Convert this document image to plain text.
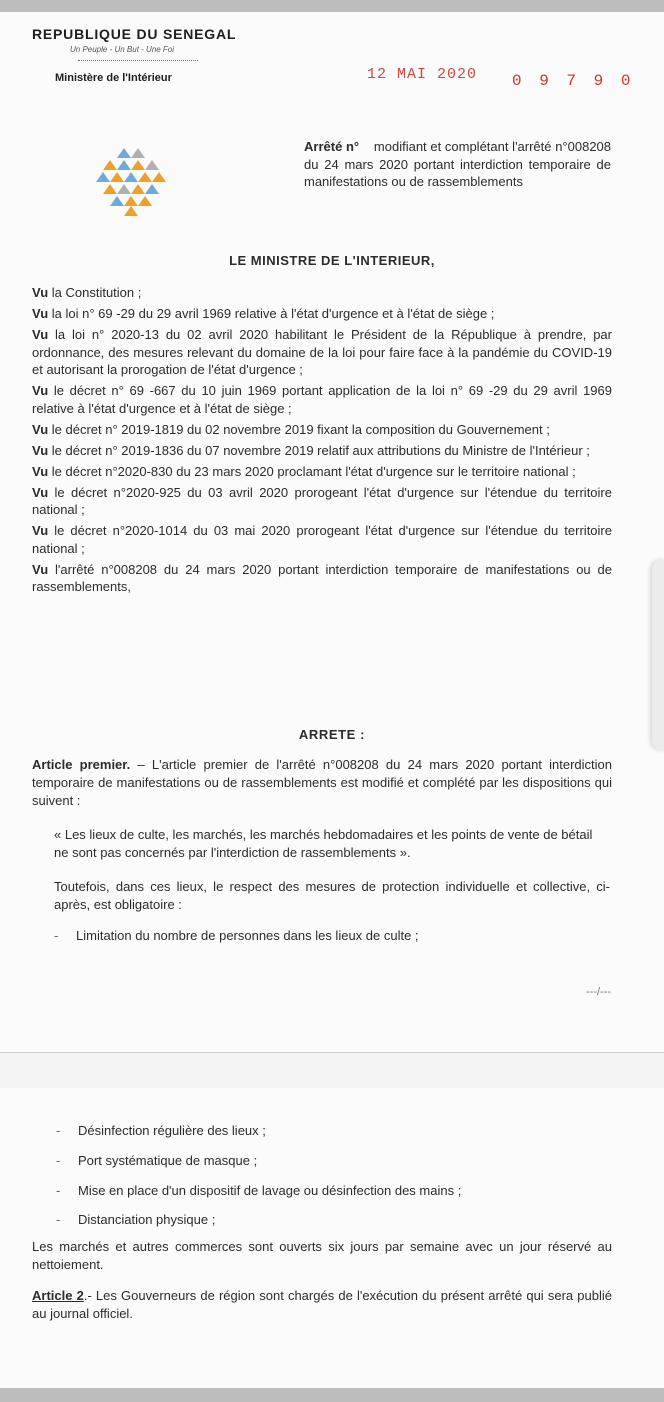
REPUBLIQUE DU SENEGAL
Un Peuple - Un But - Une Foi
Ministère de l'Intérieur	12 MAI 2020 0 9 7 9 0
Arrêté n° modifiant et complétant l'arrêté n°008208 du 24 mars 2020 portant interdiction temporaire de manifestations ou de rassemblements
LE MINISTRE DE L'INTERIEUR,

Vu la Constitution ;

Vu la loi n° 69 -29 du 29 avril 1969 relative à l'état d'urgence et à l'état de siège ;

Vu la loi n° 2020-13 du 02 avril 2020 habilitant le Président de la République à prendre, par ordonnance, des mesures relevant du domaine de la loi pour faire face à la pandémie du COVID-19 et autorisant la prorogation de l'état d'urgence ;

Vu le décret n° 69 -667 du 10 juin 1969 portant application de la loi n° 69 -29 du 29 avril 1969 relative à l'état d'urgence et à l'état de siège ;

Vu le décret n° 2019-1819 du 02 novembre 2019 fixant la composition du Gouvernement ;

Vu le décret n° 2019-1836 du 07 novembre 2019 relatif aux attributions du Ministre de l'Intérieur ;

Vu le décret n°2020-830 du 23 mars 2020 proclamant l'état d'urgence sur le territoire national ;

Vu le décret n°2020-925 du 03 avril 2020 prorogeant l'état d'urgence sur l'étendue du territoire national ;

Vu le décret n°2020-1014 du 03 mai 2020 prorogeant l'état d'urgence sur l'étendue du territoire national ;

Vu l'arrêté n°008208 du 24 mars 2020 portant interdiction temporaire de manifestations ou de rassemblements,

ARRETE :
Article premier. – L'article premier de l'arrêté n°008208 du 24 mars 2020 portant interdiction temporaire de manifestations ou de rassemblements est modifié et complété par les dispositions qui suivent :
« Les lieux de culte, les marchés, les marchés hebdomadaires et les points de vente de bétail ne sont pas concernés par l'interdiction de rassemblements ».
Toutefois, dans ces lieux, le respect des mesures de protection individuelle et collective, ci-après, est obligatoire :
- Limitation du nombre de personnes dans les lieux de culte ;
---/---
- Désinfection régulière des lieux ;
- Port systématique de masque ;
- Mise en place d'un dispositif de lavage ou désinfection des mains ;
- Distanciation physique ;
Les marchés et autres commerces sont ouverts six jours par semaine avec un jour réservé au nettoiement.
Article 2.- Les Gouverneurs de région sont chargés de l'exécution du présent arrêté qui sera publié au journal officiel.
